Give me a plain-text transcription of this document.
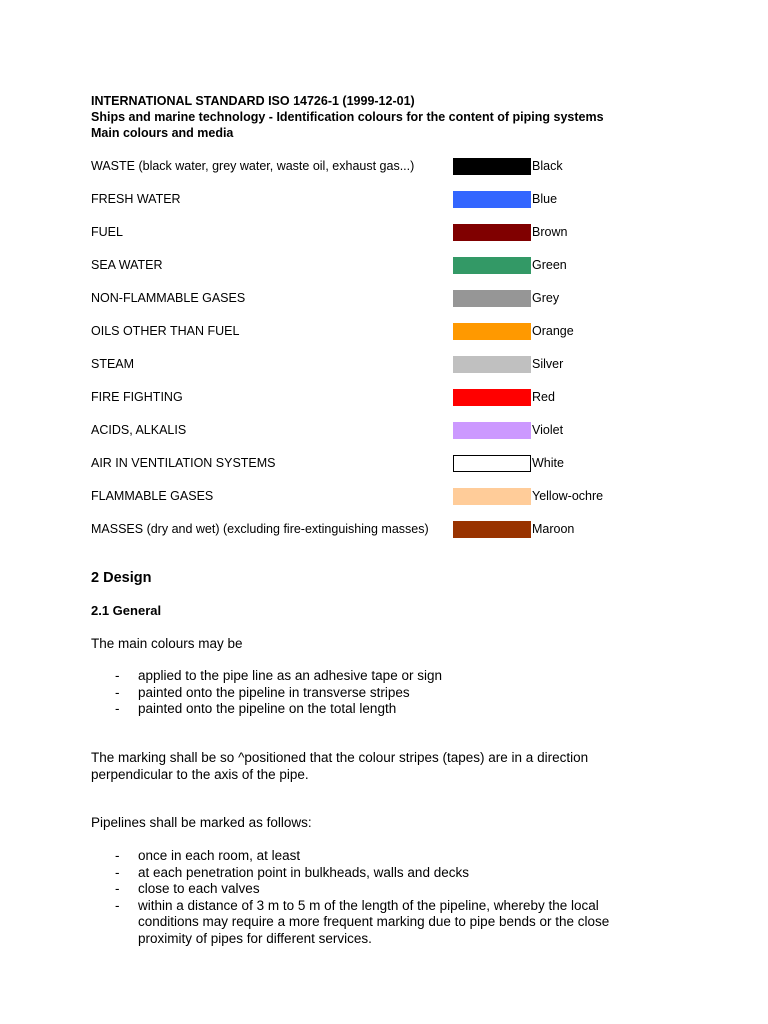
INTERNATIONAL STANDARD ISO 14726-1 (1999-12-01)
Ships and marine technology - Identification colours for the content of piping systems
Main colours and media
WASTE (black water, grey water, waste oil, exhaust gas...)	Black
FRESH WATER	Blue
FUEL	Brown
SEA WATER	Green
NON-FLAMMABLE GASES	Grey
OILS OTHER THAN FUEL	Orange
STEAM	Silver
FIRE FIGHTING	Red
ACIDS, ALKALIS	Violet
AIR IN VENTILATION SYSTEMS	White
FLAMMABLE GASES	Yellow-ochre
MASSES (dry and wet) (excluding fire-extinguishing masses)	Maroon
2 Design
2.1 General

The main colours may be

- applied to the pipe line as an adhesive tape or sign
- painted onto the pipeline in transverse stripes
- painted onto the pipeline on the total length

The marking shall be so ^positioned that the colour stripes (tapes) are in a direction perpendicular to the axis of the pipe.

Pipelines shall be marked as follows:

- once in each room, at least
- at each penetration point in bulkheads, walls and decks
- close to each valves
- within a distance of 3 m to 5 m of the length of the pipeline, whereby the local conditions may require a more frequent marking due to pipe bends or the close proximity of pipes for different services.
